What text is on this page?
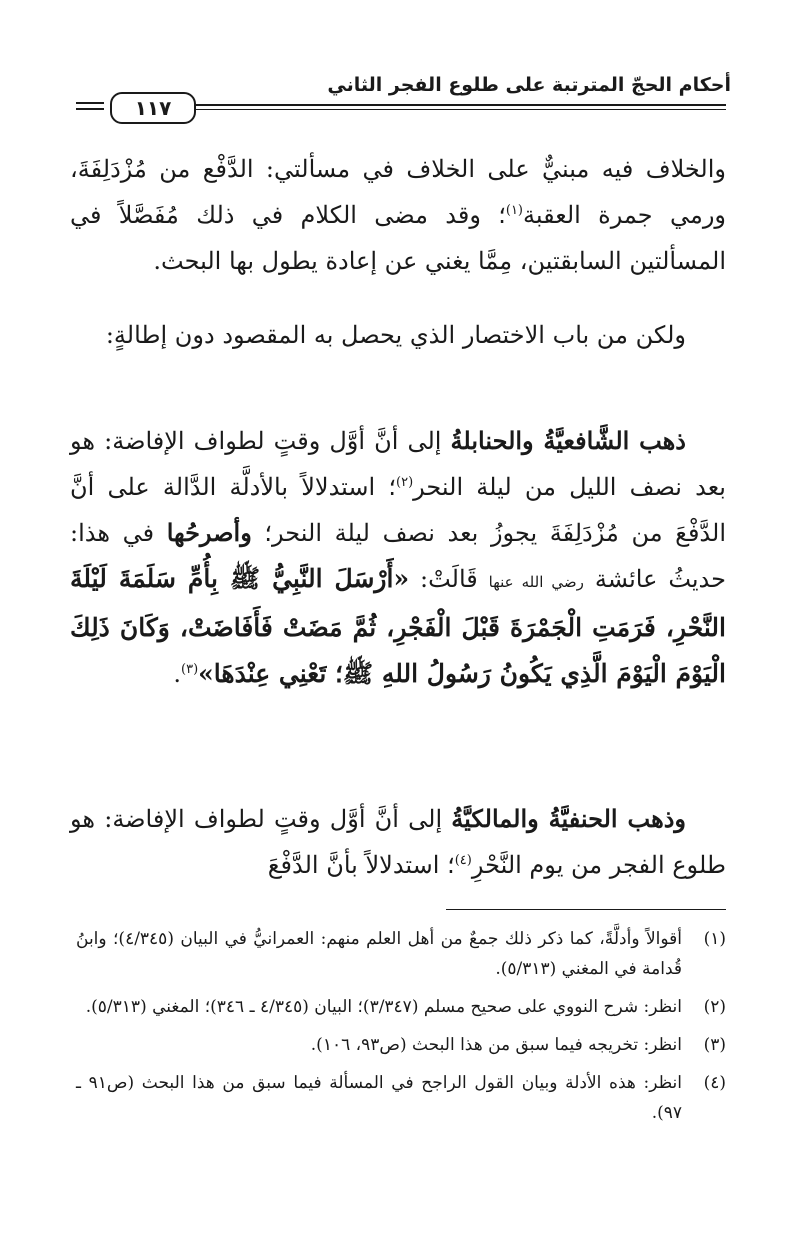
أحكام الحجّ المترتبة على طلوع الفجر الثاني
١١٧

والخلاف فيه مبنيٌّ على الخلاف في مسألتي: الدَّفْع من مُزْدَلِفَةَ، ورمي جمرة العقبة$^{(١)}$؛ وقد مضى الكلام في ذلك مُفَصَّلاً في المسألتين السابقتين، مِمَّا يغني عن إعادة يطول بها البحث.

ولكن من باب الاختصار الذي يحصل به المقصود دون إطالةٍ:

ذهب الشَّافعيَّةُ والحنابلةُ إلى أنَّ أوَّل وقتٍ لطواف الإفاضة: هو بعد نصف الليل من ليلة النحر$^{(٢)}$؛ استدلالاً بالأدلَّة الدَّالة على أنَّ الدَّفْعَ من مُزْدَلِفَةَ يجوزُ بعد نصف ليلة النحر؛ وأصرحُها في هذا: حديثُ عائشة رضي الله عنها قَالَتْ: «أَرْسَلَ النَّبِيُّ ﷺ بِأُمِّ سَلَمَةَ لَيْلَةَ النَّحْرِ، فَرَمَتِ الْجَمْرَةَ قَبْلَ الْفَجْرِ، ثُمَّ مَضَتْ فَأَفَاضَتْ، وَكَانَ ذَلِكَ الْيَوْمَ الْيَوْمَ الَّذِي يَكُونُ رَسُولُ اللهِ ﷺ؛ تَعْنِي عِنْدَهَا»$^{(٣)}$.

وذهب الحنفيَّةُ والمالكيَّةُ إلى أنَّ أوَّل وقتٍ لطواف الإفاضة: هو طلوع الفجر من يوم النَّحْرِ$^{(٤)}$؛ استدلالاً بأنَّ الدَّفْعَ

(١)
أقوالاً وأدلَّةً، كما ذكر ذلك جمعٌ من أهل العلم منهم: العمرانيُّ في البيان (٤/٣٤٥)؛ وابنُ قُدامة في المغني (٥/٣١٣).
(٢)
انظر: شرح النووي على صحيح مسلم (٣/٣٤٧)؛ البيان (٤/٣٤٥ ـ ٣٤٦)؛ المغني (٥/٣١٣).
(٣)
انظر: تخريجه فيما سبق من هذا البحث (ص٩٣، ١٠٦).
(٤)
انظر: هذه الأدلة وبيان القول الراجح في المسألة فيما سبق من هذا البحث (ص٩١ ـ ٩٧).
